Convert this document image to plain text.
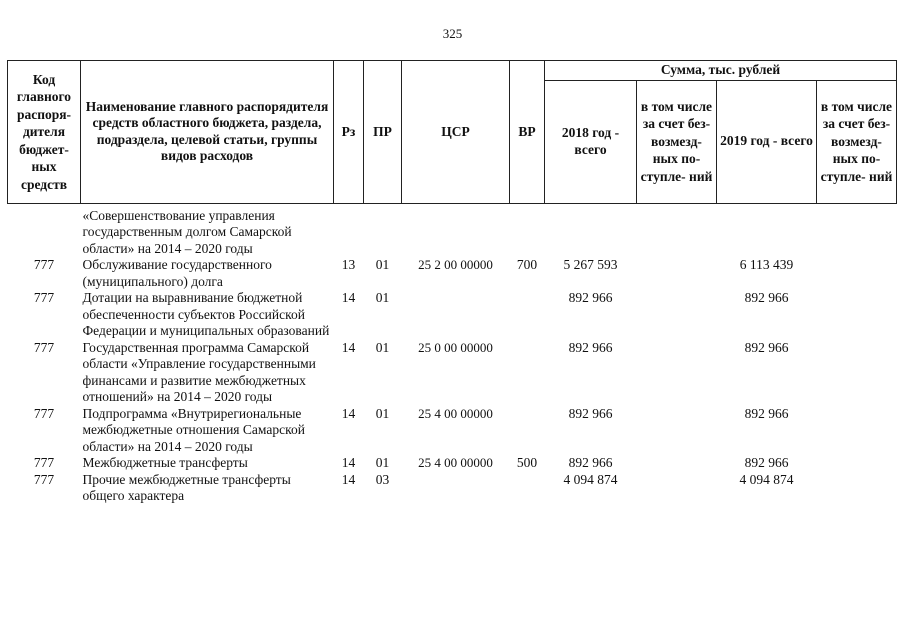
325
Код главного распоря- дителя бюджет- ных средств	Наименование главного распорядителя средств областного бюджета, раздела, подраздела, целевой статьи, группы видов расходов	Рз	ПР	ЦСР	ВР	Сумма, тыс. рублей			
						2018 год - всего	в том числе за счет без- возмезд- ных по- ступле- ний	2019 год - всего	в том числе за счет без- возмезд- ных по- ступле- ний
	«Совершенствование управления государственным долгом Самарской области» на 2014 – 2020 годы								
777	Обслуживание государственного (муниципального) долга	13	01	25 2 00 00000	700	5 267 593		6 113 439	
777	Дотации на выравнивание бюджетной обеспеченности субъектов Российской Федерации и муниципальных образований	14	01			892 966		892 966	
777	Государственная программа Самарской области «Управление государственными финансами и развитие межбюджетных отношений» на 2014 – 2020 годы	14	01	25 0 00 00000		892 966		892 966	
777	Подпрограмма «Внутрирегиональные межбюджетные отношения Самарской области» на 2014 – 2020 годы	14	01	25 4 00 00000		892 966		892 966	
777	Межбюджетные трансферты	14	01	25 4 00 00000	500	892 966		892 966	
777	Прочие межбюджетные трансферты общего характера	14	03			4 094 874		4 094 874	
